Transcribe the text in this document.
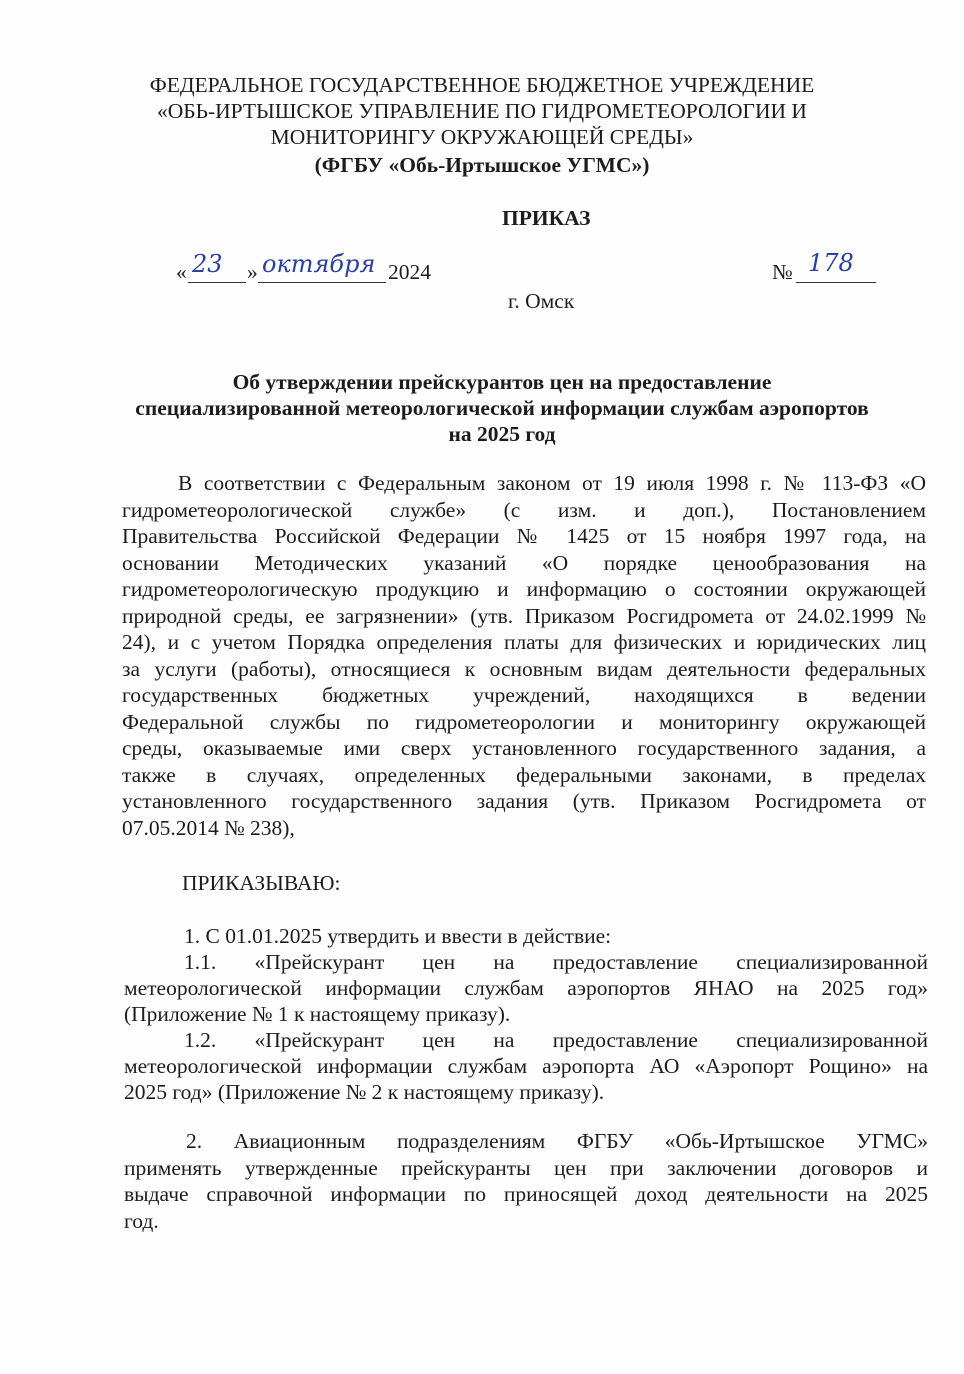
ФЕДЕРАЛЬНОЕ ГОСУДАРСТВЕННОЕ БЮДЖЕТНОЕ УЧРЕЖДЕНИЕ
«ОБЬ-ИРТЫШСКОЕ УПРАВЛЕНИЕ ПО ГИДРОМЕТЕОРОЛОГИИ И
МОНИТОРИНГУ ОКРУЖАЮЩЕЙ СРЕДЫ»
(ФГБУ «Обь-Иртышское УГМС»)
ПРИКАЗ
« 23 » октября 2024	№ 178
г. Омск
Об утверждении прейскурантов цен на предоставление
специализированной метеорологической информации службам аэропортов
на 2025 год
В соответствии с Федеральным законом от 19 июля 1998 г. № 113-ФЗ «О
гидрометеорологической службе» (с изм. и доп.), Постановлением
Правительства Российской Федерации № 1425 от 15 ноября 1997 года, на
основании Методических указаний «О порядке ценообразования на
гидрометеорологическую продукцию и информацию о состоянии окружающей
природной среды, ее загрязнении» (утв. Приказом Росгидромета от 24.02.1999 №
24), и с учетом Порядка определения платы для физических и юридических лиц
за услуги (работы), относящиеся к основным видам деятельности федеральных
государственных бюджетных учреждений, находящихся в ведении
Федеральной службы по гидрометеорологии и мониторингу окружающей
среды, оказываемые ими сверх установленного государственного задания, а
также в случаях, определенных федеральными законами, в пределах
установленного государственного задания (утв. Приказом Росгидромета от
07.05.2014 № 238),
ПРИКАЗЫВАЮ:
1. С 01.01.2025 утвердить и ввести в действие:
1.1. «Прейскурант цен на предоставление специализированной
метеорологической информации службам аэропортов ЯНАО на 2025 год»
(Приложение № 1 к настоящему приказу).
1.2. «Прейскурант цен на предоставление специализированной
метеорологической информации службам аэропорта АО «Аэропорт Рощино» на
2025 год» (Приложение № 2 к настоящему приказу).
2. Авиационным подразделениям ФГБУ «Обь-Иртышское УГМС»
применять утвержденные прейскуранты цен при заключении договоров и
выдаче справочной информации по приносящей доход деятельности на 2025
год.
